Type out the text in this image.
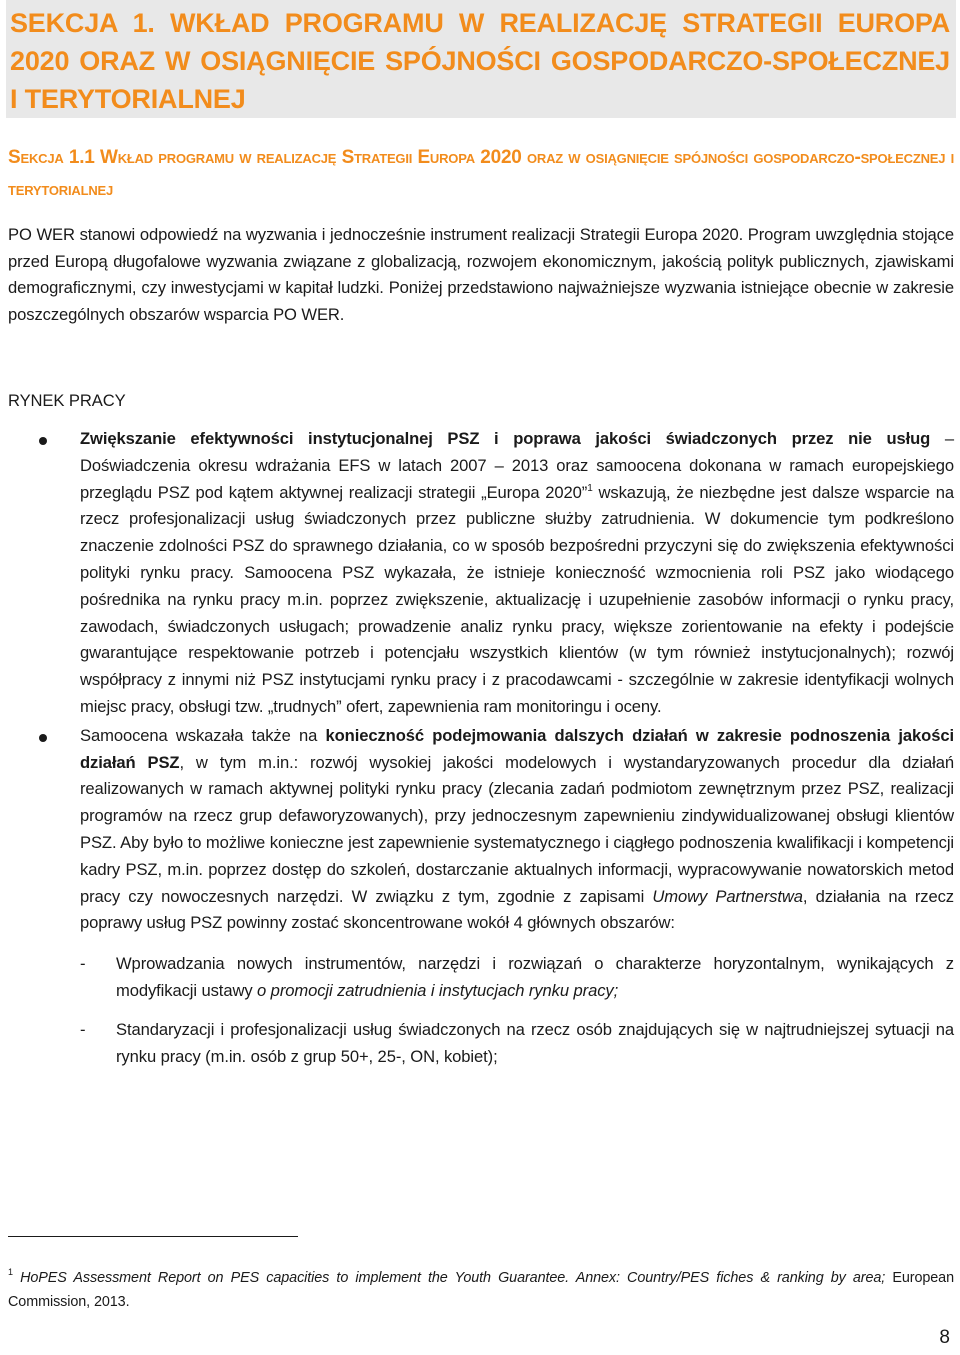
SEKCJA 1. WKŁAD PROGRAMU W REALIZACJĘ STRATEGII EUROPA 2020 ORAZ W OSIĄGNIĘCIE SPÓJNOŚCI GOSPODARCZO-SPOŁECZNEJ I TERYTORIALNEJ
Sekcja 1.1 Wkład programu w realizację Strategii Europa 2020 oraz w osiągnięcie spójności gospodarczo-społecznej i terytorialnej

PO WER stanowi odpowiedź na wyzwania i jednocześnie instrument realizacji Strategii Europa 2020. Program uwzględnia stojące przed Europą długofalowe wyzwania związane z globalizacją, rozwojem ekonomicznym, jakością polityk publicznych, zjawiskami demograficznymi, czy inwestycjami w kapitał ludzki. Poniżej przedstawiono najważniejsze wyzwania istniejące obecnie w zakresie poszczególnych obszarów wsparcia PO WER.

RYNEK PRACY

Zwiększanie efektywności instytucjonalnej PSZ i poprawa jakości świadczonych przez nie usług – Doświadczenia okresu wdrażania EFS w latach 2007 – 2013 oraz samoocena dokonana w ramach europejskiego przeglądu PSZ pod kątem aktywnej realizacji strategii „Europa 2020”$^1$ wskazują, że niezbędne jest dalsze wsparcie na rzecz profesjonalizacji usług świadczonych przez publiczne służby zatrudnienia. W dokumencie tym podkreślono znaczenie zdolności PSZ do sprawnego działania, co w sposób bezpośredni przyczyni się do zwiększenia efektywności polityki rynku pracy. Samoocena PSZ wykazała, że istnieje konieczność wzmocnienia roli PSZ jako wiodącego pośrednika na rynku pracy m.in. poprzez zwiększenie, aktualizację i uzupełnienie zasobów informacji o rynku pracy, zawodach, świadczonych usługach; prowadzenie analiz rynku pracy, większe zorientowanie na efekty i podejście gwarantujące respektowanie potrzeb i potencjału wszystkich klientów (w tym również instytucjonalnych); rozwój współpracy z innymi niż PSZ instytucjami rynku pracy i z pracodawcami - szczególnie w zakresie identyfikacji wolnych miejsc pracy, obsługi tzw. „trudnych” ofert, zapewnienia ram monitoringu i oceny.

Samoocena wskazała także na konieczność podejmowania dalszych działań w zakresie podnoszenia jakości działań PSZ, w tym m.in.: rozwój wysokiej jakości modelowych i wystandaryzowanych procedur dla działań realizowanych w ramach aktywnej polityki rynku pracy (zlecania zadań podmiotom zewnętrznym przez PSZ, realizacji programów na rzecz grup defaworyzowanych), przy jednoczesnym zapewnieniu zindywidualizowanej obsługi klientów PSZ. Aby było to możliwe konieczne jest zapewnienie systematycznego i ciągłego podnoszenia kwalifikacji i kompetencji kadry PSZ, m.in. poprzez dostęp do szkoleń, dostarczanie aktualnych informacji, wypracowywanie nowatorskich metod pracy czy nowoczesnych narzędzi. W związku z tym, zgodnie z zapisami Umowy Partnerstwa, działania na rzecz poprawy usług PSZ powinny zostać skoncentrowane wokół 4 głównych obszarów:

- Wprowadzania nowych instrumentów, narzędzi i rozwiązań o charakterze horyzontalnym, wynikających z modyfikacji ustawy o promocji zatrudnienia i instytucjach rynku pracy;

- Standaryzacji i profesjonalizacji usług świadczonych na rzecz osób znajdujących się w najtrudniejszej sytuacji na rynku pracy (m.in. osób z grup 50+, 25-, ON, kobiet);

$^1$ HoPES Assessment Report on PES capacities to implement the Youth Guarantee. Annex: Country/PES fiches & ranking by area; European Commission, 2013.

8
